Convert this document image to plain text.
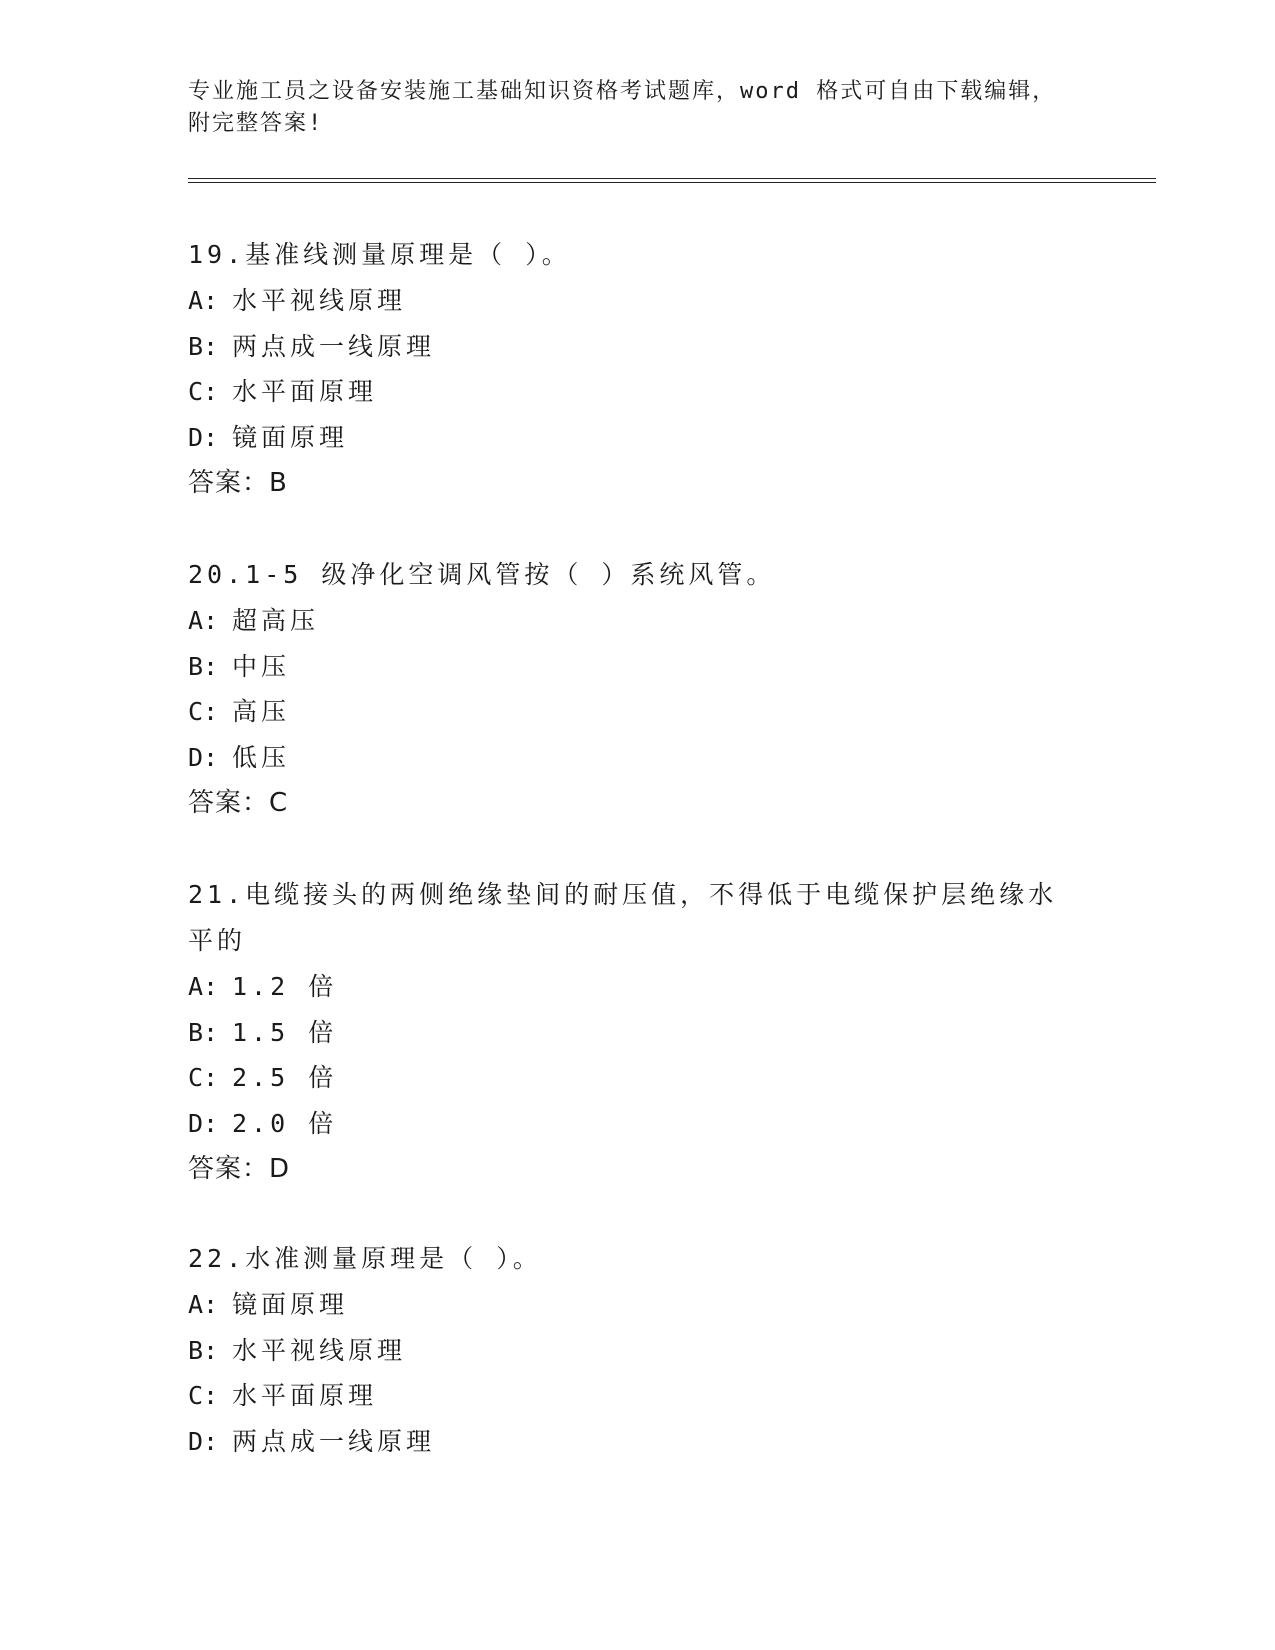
专业施工员之设备安装施工基础知识资格考试题库，word 格式可自由下载编辑，
附完整答案!
19.基准线测量原理是（ ）。
A: 水平视线原理
B: 两点成一线原理
C: 水平面原理
D: 镜面原理
答案：B
20.1-5 级净化空调风管按（ ）系统风管。
A: 超高压
B: 中压
C: 高压
D: 低压
答案：C
21.电缆接头的两侧绝缘垫间的耐压值，不得低于电缆保护层绝缘水平的
A: 1.2 倍
B: 1.5 倍
C: 2.5 倍
D: 2.0 倍
答案：D
22.水准测量原理是（ ）。
A: 镜面原理
B: 水平视线原理
C: 水平面原理
D: 两点成一线原理
